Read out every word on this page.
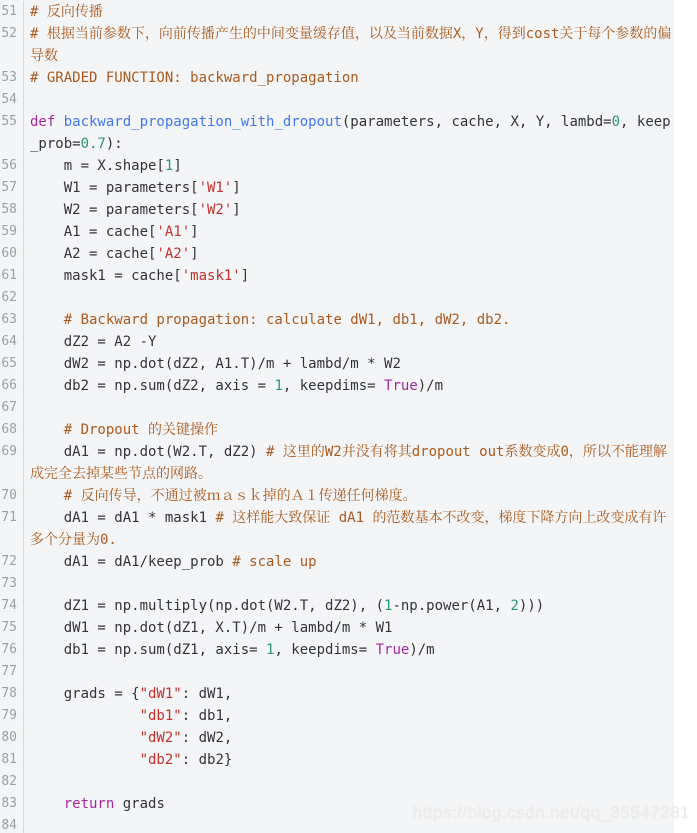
51 # 反向传播
52 # 根据当前参数下，向前传播产生的中间变量缓存值，以及当前数据X，Y，得到cost关于每个参数的偏导数
53 # GRADED FUNCTION: backward_propagation
54

55 def backward_propagation_with_dropout(parameters, cache, X, Y, lambd=0, keep_prob=0.7):
56 m = X.shape[1]
57 W1 = parameters['W1']
58 W2 = parameters['W2']
59 A1 = cache['A1']
60 A2 = cache['A2']
61 mask1 = cache['mask1']
62

63	# Backward propagation: calculate dW1, db1, dW2, db2.
64 dZ2 = A2 -Y
65 dW2 = np.dot(dZ2, A1.T)/m + lambd/m * W2
66 db2 = np.sum(dZ2, axis = 1, keepdims= True)/m
67

68	# Dropout 的关键操作
69 dA1 = np.dot(W2.T, dZ2) # 这里的W2并没有将其dropout out系数变成0，所以不能理解成完全去掉某些节点的网路。
70	# 反向传导，不通过被ｍａｓｋ掉的Ａ１传递任何梯度。
71 dA1 = dA1 * mask1 # 这样能大致保证 dA1 的范数基本不改变，梯度下降方向上改变成有许多个分量为0.
72 dA1 = dA1/keep_prob # scale up
73

74 dZ1 = np.multiply(np.dot(W2.T, dZ2), (1-np.power(A1, 2)))
75 dW1 = np.dot(dZ1, X.T)/m + lambd/m * W1
76 db1 = np.sum(dZ1, axis= 1, keepdims= True)/m
77

78 grads = {"dW1": dW1,
79	"db1": db1,
80	"dW2": dW2,
81	"db2": db2}
82

83	return grads
84

https://blog.csdn.net/qq_35547281
